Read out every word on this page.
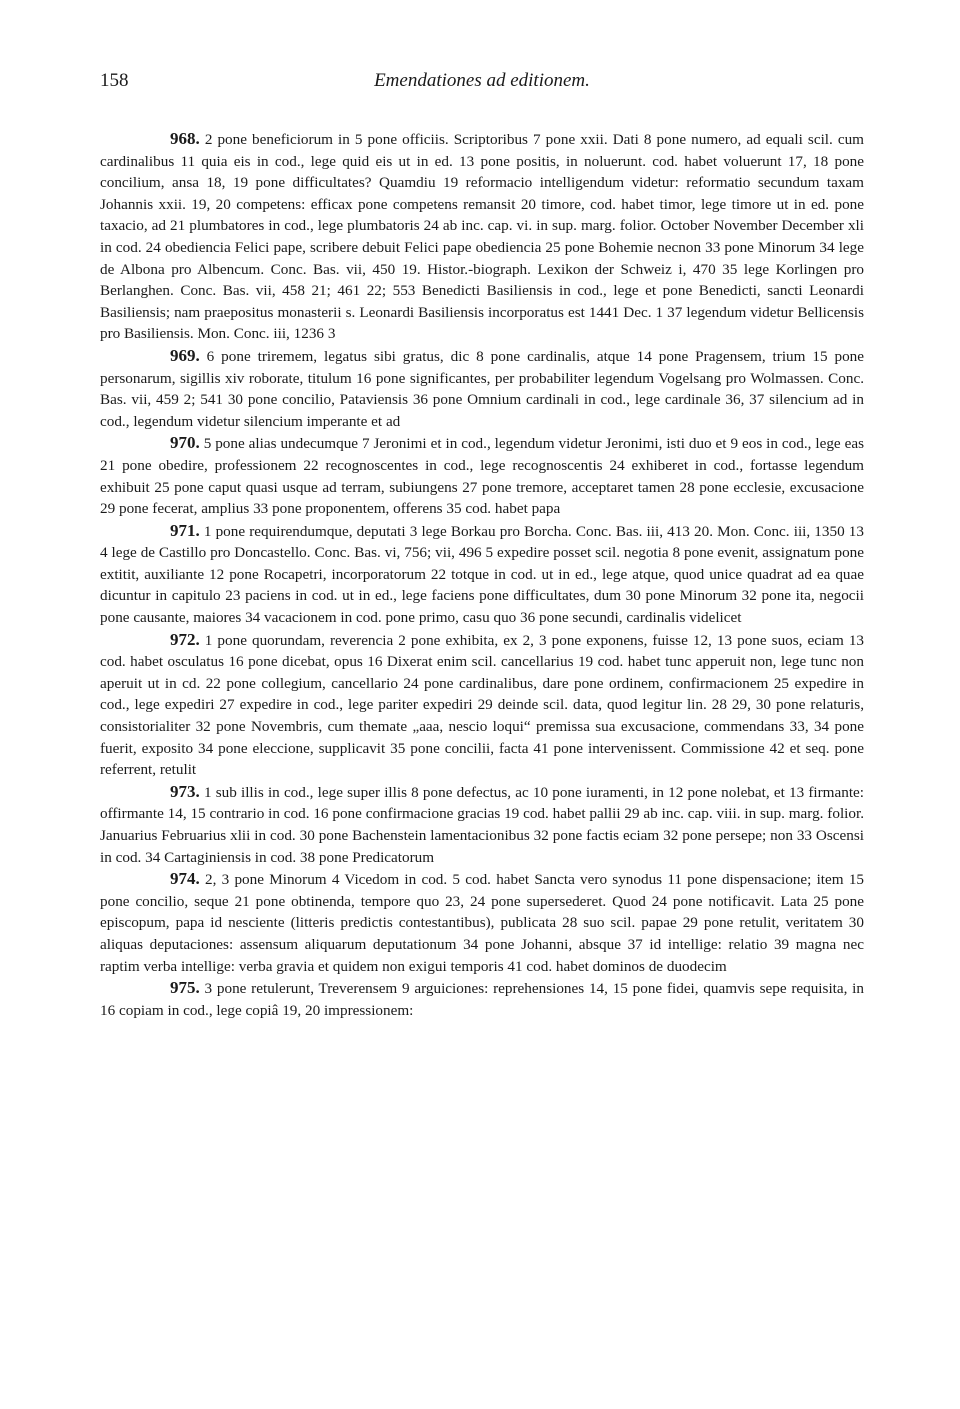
158	Emendationes ad editionem.

968. 2 pone beneficiorum in 5 pone officiis. Scriptoribus 7 pone xxii. Dati 8 pone numero, ad equali scil. cum cardinalibus 11 quia eis in cod., lege quid eis ut in ed. 13 pone positis, in noluerunt. cod. habet voluerunt 17, 18 pone concilium, ansa 18, 19 pone difficultates? Quamdiu 19 reformacio intelligendum videtur: reformatio secundum taxam Johannis xxii. 19, 20 competens: efficax pone competens remansit 20 timore, cod. habet timor, lege timore ut in ed. pone taxacio, ad 21 plumbatores in cod., lege plumbatoris 24 ab inc. cap. vi. in sup. marg. folior. October November December xli in cod. 24 obediencia Felici pape, scribere debuit Felici pape obediencia 25 pone Bohemie necnon 33 pone Minorum 34 lege de Albona pro Albencum. Conc. Bas. vii, 450 19. Histor.-biograph. Lexikon der Schweiz i, 470 35 lege Korlingen pro Berlanghen. Conc. Bas. vii, 458 21; 461 22; 553 Benedicti Basiliensis in cod., lege et pone Benedicti, sancti Leonardi Basiliensis; nam praepositus monasterii s. Leonardi Basiliensis incorporatus est 1441 Dec. 1 37 legendum videtur Bellicensis pro Basiliensis. Mon. Conc. iii, 1236 3

969. 6 pone triremem, legatus sibi gratus, dic 8 pone cardinalis, atque 14 pone Pragensem, trium 15 pone personarum, sigillis xiv roborate, titulum 16 pone significantes, per probabiliter legendum Vogelsang pro Wolmassen. Conc. Bas. vii, 459 2; 541 30 pone concilio, Pataviensis 36 pone Omnium cardinali in cod., lege cardinale 36, 37 silencium ad in cod., legendum videtur silencium imperante et ad

970. 5 pone alias undecumque 7 Jeronimi et in cod., legendum videtur Jeronimi, isti duo et 9 eos in cod., lege eas 21 pone obedire, professionem 22 recognoscentes in cod., lege recognoscentis 24 exhiberet in cod., fortasse legendum exhibuit 25 pone caput quasi usque ad terram, subiungens 27 pone tremore, acceptaret tamen 28 pone ecclesie, excusacione 29 pone fecerat, amplius 33 pone proponentem, offerens 35 cod. habet papa

971. 1 pone requirendumque, deputati 3 lege Borkau pro Borcha. Conc. Bas. iii, 413 20. Mon. Conc. iii, 1350 13 4 lege de Castillo pro Doncastello. Conc. Bas. vi, 756; vii, 496 5 expedire posset scil. negotia 8 pone evenit, assignatum pone extitit, auxiliante 12 pone Rocapetri, incorporatorum 22 totque in cod. ut in ed., lege atque, quod unice quadrat ad ea quae dicuntur in capitulo 23 paciens in cod. ut in ed., lege faciens pone difficultates, dum 30 pone Minorum 32 pone ita, negocii pone causante, maiores 34 vacacionem in cod. pone primo, casu quo 36 pone secundi, cardinalis videlicet

972. 1 pone quorundam, reverencia 2 pone exhibita, ex 2, 3 pone exponens, fuisse 12, 13 pone suos, eciam 13 cod. habet osculatus 16 pone dicebat, opus 16 Dixerat enim scil. cancellarius 19 cod. habet tunc apperuit non, lege tunc non aperuit ut in cd. 22 pone collegium, cancellario 24 pone cardinalibus, dare pone ordinem, confirmacionem 25 expedire in cod., lege expediri 27 expedire in cod., lege pariter expediri 29 deinde scil. data, quod legitur lin. 28 29, 30 pone relaturis, consistorialiter 32 pone Novembris, cum themate „aaa, nescio loqui“ premissa sua excusacione, commendans 33, 34 pone fuerit, exposito 34 pone eleccione, supplicavit 35 pone concilii, facta 41 pone intervenissent. Commissione 42 et seq. pone referrent, retulit

973. 1 sub illis in cod., lege super illis 8 pone defectus, ac 10 pone iuramenti, in 12 pone nolebat, et 13 firmante: offirmante 14, 15 contrario in cod. 16 pone confirmacione gracias 19 cod. habet pallii 29 ab inc. cap. viii. in sup. marg. folior. Januarius Februarius xlii in cod. 30 pone Bachenstein lamentacionibus 32 pone factis eciam 32 pone persepe; non 33 Oscensi in cod. 34 Cartaginiensis in cod. 38 pone Predicatorum

974. 2, 3 pone Minorum 4 Vicedom in cod. 5 cod. habet Sancta vero synodus 11 pone dispensacione; item 15 pone concilio, seque 21 pone obtinenda, tempore quo 23, 24 pone supersederet. Quod 24 pone notificavit. Lata 25 pone episcopum, papa id nesciente (litteris predictis contestantibus), publicata 28 suo scil. papae 29 pone retulit, veritatem 30 aliquas deputaciones: assensum aliquarum deputationum 34 pone Johanni, absque 37 id intellige: relatio 39 magna nec raptim verba intellige: verba gravia et quidem non exigui temporis 41 cod. habet dominos de duodecim

975. 3 pone retulerunt, Treverensem 9 arguiciones: reprehensiones 14, 15 pone fidei, quamvis sepe requisita, in 16 copiam in cod., lege copiâ 19, 20 impressionem:
